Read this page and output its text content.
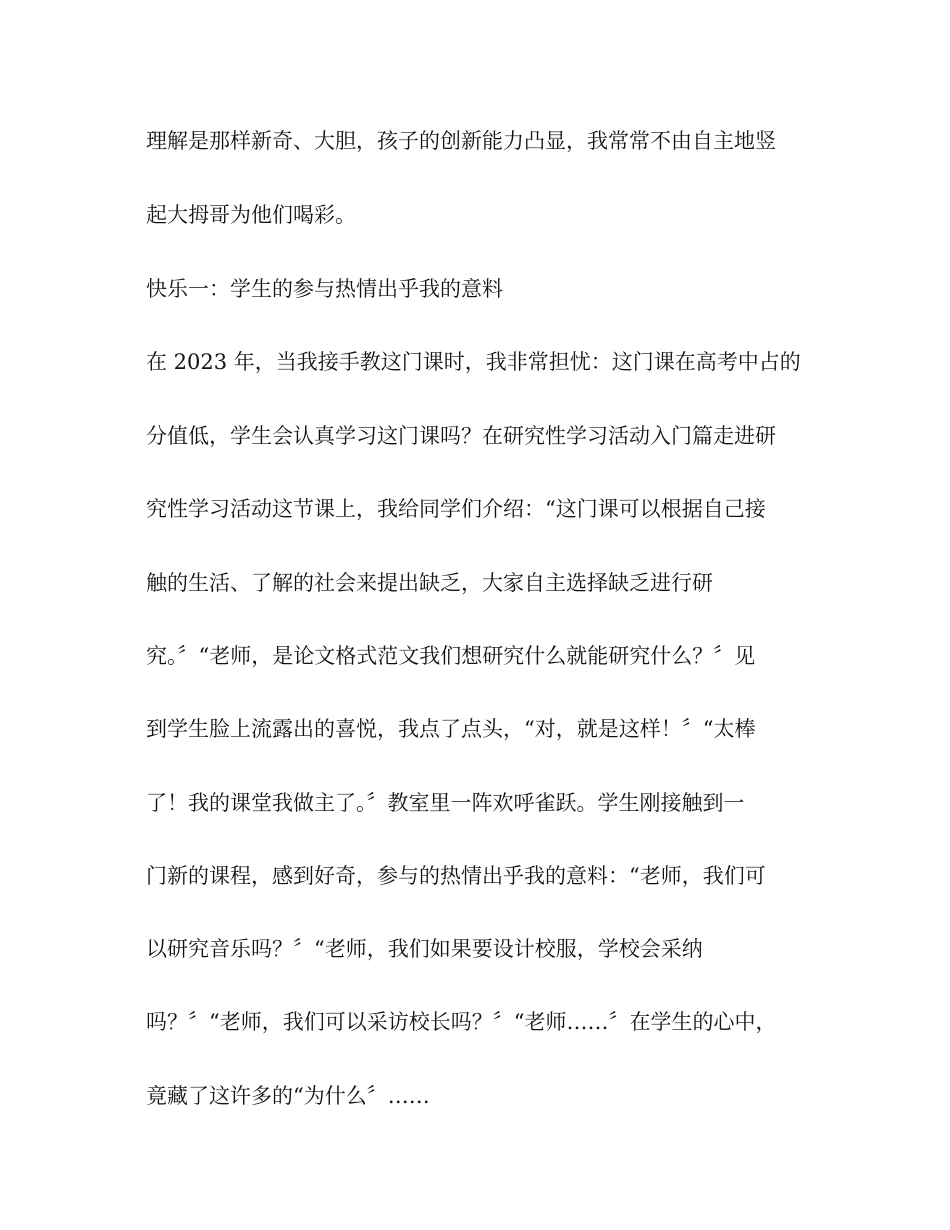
理解是那样新奇、大胆，孩子的创新能力凸显，我常常不由自主地竖
起大拇哥为他们喝彩。
快乐一：学生的参与热情出乎我的意料
在 2023 年，当我接手教这门课时，我非常担忧：这门课在高考中占的
分值低，学生会认真学习这门课吗？在研究性学习活动入门篇走进研
究性学习活动这节课上，我给同学们介绍：“这门课可以根据自己接
触的生活、了解的社会来提出缺乏，大家自主选择缺乏进行研
究。〞“老师，是论文格式范文我们想研究什么就能研究什么？〞见
到学生脸上流露出的喜悦，我点了点头，“对，就是这样！〞“太棒
了！我的课堂我做主了。〞教室里一阵欢呼雀跃。学生刚接触到一
门新的课程，感到好奇，参与的热情出乎我的意料：“老师，我们可
以研究音乐吗？〞“老师，我们如果要设计校服，学校会采纳
吗？〞“老师，我们可以采访校长吗？〞“老师……〞在学生的心中，
竟藏了这许多的“为什么〞……
